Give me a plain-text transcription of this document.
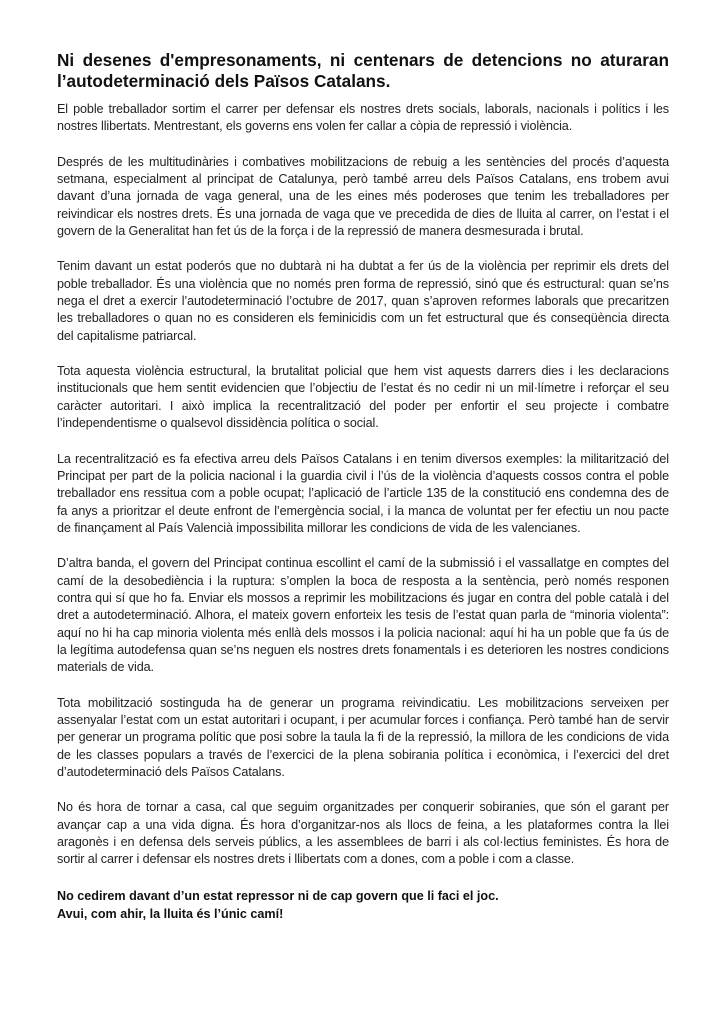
Ni desenes d'empresonaments, ni centenars de detencions no aturaran l’autodeterminació dels Països Catalans.

El poble treballador sortim el carrer per defensar els nostres drets socials, laborals, nacionals i polítics i les nostres llibertats. Mentrestant, els governs ens volen fer callar a còpia de repressió i violència.

Després de les multitudinàries i combatives mobilitzacions de rebuig a les sentències del procés d’aquesta setmana, especialment al principat de Catalunya, però també arreu dels Països Catalans, ens trobem avui davant d’una jornada de vaga general, una de les eines més poderoses que tenim les treballadores per reivindicar els nostres drets. És una jornada de vaga que ve precedida de dies de lluita al carrer, on l’estat i el govern de la Generalitat han fet ús de la força i de la repressió de manera desmesurada i brutal.

Tenim davant un estat poderós que no dubtarà ni ha dubtat a fer ús de la violència per reprimir els drets del poble treballador. És una violència que no només pren forma de repressió, sinó que és estructural: quan se’ns nega el dret a exercir l’autodeterminació l’octubre de 2017, quan s’aproven reformes laborals que precaritzen les treballadores o quan no es consideren els feminicidis com un fet estructural que és conseqüència directa del capitalisme patriarcal.

Tota aquesta violència estructural, la brutalitat policial que hem vist aquests darrers dies i les declaracions institucionals que hem sentit evidencien que l’objectiu de l’estat és no cedir ni un mil·límetre i reforçar el seu caràcter autoritari. I això implica la recentralització del poder per enfortir el seu projecte i combatre l’independentisme o qualsevol dissidència política o social.

La recentralització es fa efectiva arreu dels Països Catalans i en tenim diversos exemples: la militarització del Principat per part de la policia nacional i la guardia civil i l’ús de la violència d’aquests cossos contra el poble treballador ens ressitua com a poble ocupat; l’aplicació de l’article 135 de la constitució ens condemna des de fa anys a prioritzar el deute enfront de l’emergència social, i la manca de voluntat per fer efectiu un nou pacte de finançament al País Valencià impossibilita millorar les condicions de vida de les valencianes.

D’altra banda, el govern del Principat continua escollint el camí de la submissió i el vassallatge en comptes del camí de la desobediència i la ruptura: s’omplen la boca de resposta a la sentència, però només responen contra qui sí que ho fa. Enviar els mossos a reprimir les mobilitzacions és jugar en contra del poble català i del dret a autodeterminació. Alhora, el mateix govern enforteix les tesis de l’estat quan parla de “minoria violenta”: aquí no hi ha cap minoria violenta més enllà dels mossos i la policia nacional: aquí hi ha un poble que fa ús de la legítima autodefensa quan se’ns neguen els nostres drets fonamentals i es deterioren les nostres condicions materials de vida.

Tota mobilització sostinguda ha de generar un programa reivindicatiu. Les mobilitzacions serveixen per assenyalar l’estat com un estat autoritari i ocupant, i per acumular forces i confiança. Però també han de servir per generar un programa polític que posi sobre la taula la fi de la repressió, la millora de les condicions de vida de les classes populars a través de l’exercici de la plena sobirania política i econòmica, i l’exercici del dret d’autodeterminació dels Països Catalans.

No és hora de tornar a casa, cal que seguim organitzades per conquerir sobiranies, que són el garant per avançar cap a una vida digna. És hora d’organitzar-nos als llocs de feina, a les plataformes contra la llei aragonès i en defensa dels serveis públics, a les assemblees de barri i als col·lectius feministes. És hora de sortir al carrer i defensar els nostres drets i llibertats com a dones, com a poble i com a classe.

No cedirem davant d’un estat repressor ni de cap govern que li faci el joc.
Avui, com ahir, la lluita és l’únic camí!
